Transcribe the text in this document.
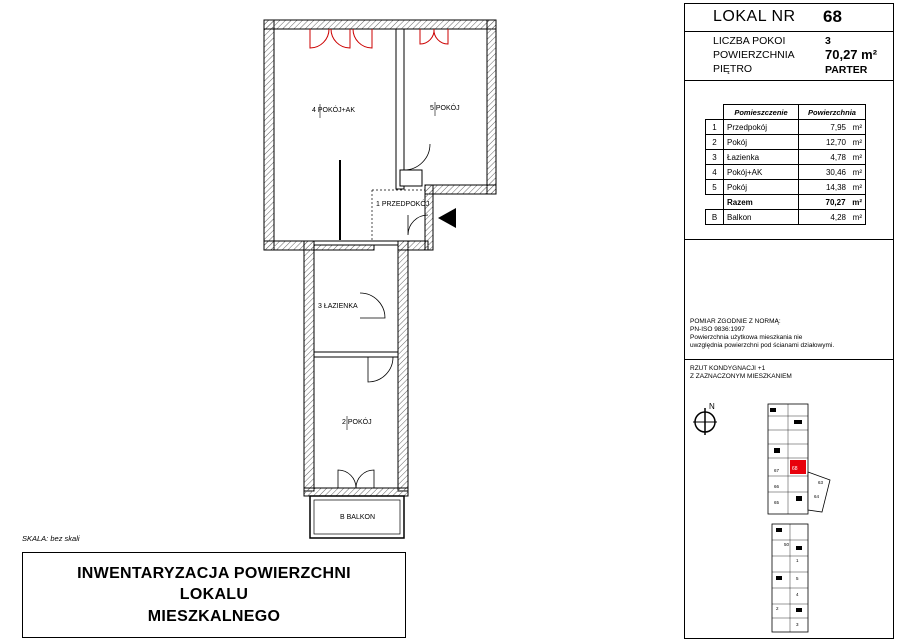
4 POKÓJ+AK	5 POKÓJ
1 PRZEDPOKÓJ
3 ŁAZIENKA
2 POKÓJ
B BALKON
SKALA: bez skali
INWENTARYZACJA POWIERZCHNI
LOKALU
MIESZKALNEGO
LOKAL NR 68
LICZBA POKOI	3
POWIERZCHNIA 70,27 m²
PIĘTRO	PARTER
	Pomieszczenie	Powierzchnia
1	Przedpokój	7,95 m²
2	Pokój	12,70 m²
3	Łazienka	4,78 m²
4	Pokój+AK	30,46 m²
5	Pokój	14,38 m²
	Razem	70,27 m²
B	Balkon	4,28 m²
POMIAR ZGODNIE Z NORMĄ:
PN-ISO 9836:1997
Powierzchnia użytkowa mieszkania nie
uwzględnia powierzchni pod ścianami działowymi.
RZUT KONDYGNACJI +1
Z ZAZNACZONYM MIESZKANIEM
N
68
67
66
65
64
63
50
1
5
4
2
3
